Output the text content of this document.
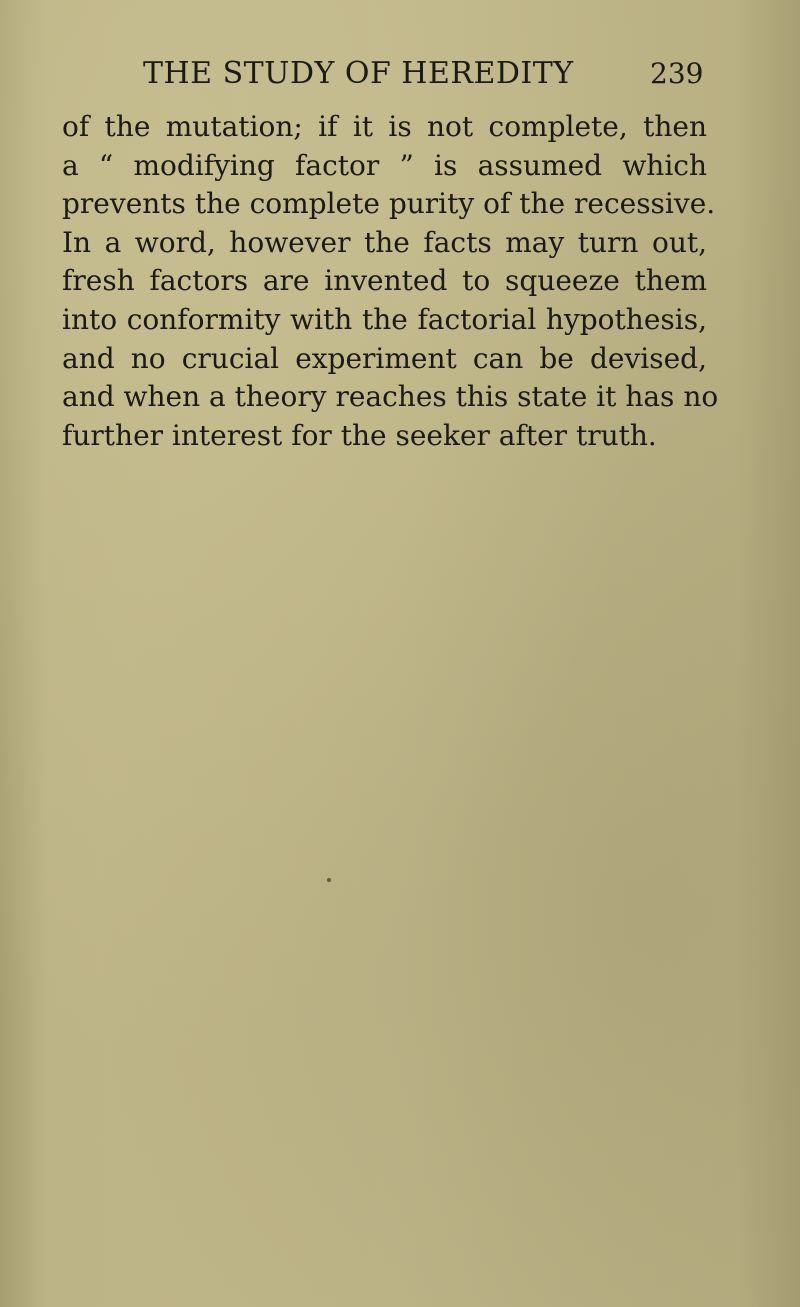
THE STUDY OF HEREDITY	239
of the mutation; if it is not complete, then
a “ modifying factor ” is assumed which
prevents the complete purity of the recessive.
In a word, however the facts may turn out,
fresh factors are invented to squeeze them
into conformity with the factorial hypothesis,
and no crucial experiment can be devised,
and when a theory reaches this state it has no
further interest for the seeker after truth.
